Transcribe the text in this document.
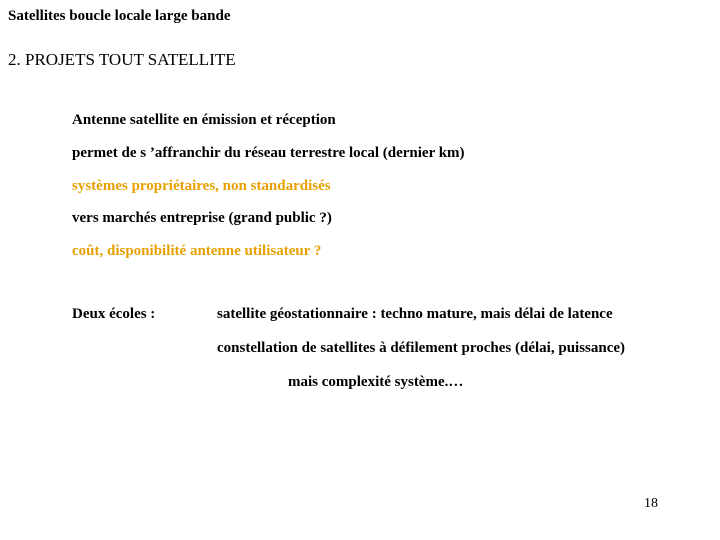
Satellites boucle locale large bande
2. PROJETS TOUT SATELLITE
Antenne satellite en émission et réception
permet de s ’affranchir du réseau terrestre local (dernier km)
systèmes propriétaires, non standardisés
vers marchés entreprise (grand public ?)
coût, disponibilité antenne utilisateur ?
Deux écoles :	satellite géostationnaire : techno mature, mais délai de latence
constellation de satellites à défilement proches (délai, puissance)
mais complexité système.…
18
